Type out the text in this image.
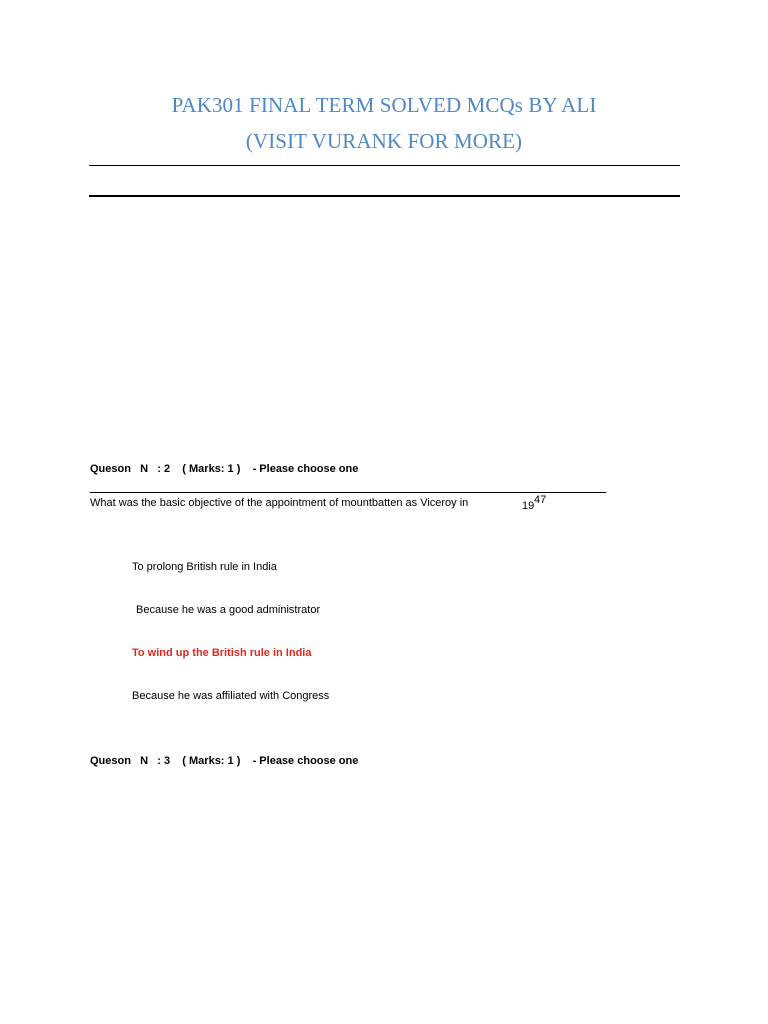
PAK301 FINAL TERM SOLVED MCQs BY ALI
(VISIT VURANK FOR MORE)
Queson   N   : 2    ( Marks: 1 )    - Please choose one
What was the basic objective of the appointment of mountbatten as Viceroy in	19 47
To prolong British rule in India
Because he was a good administrator
To wind up the British rule in India
Because he was affiliated with Congress
Queson   N   : 3    ( Marks: 1 )    - Please choose one
